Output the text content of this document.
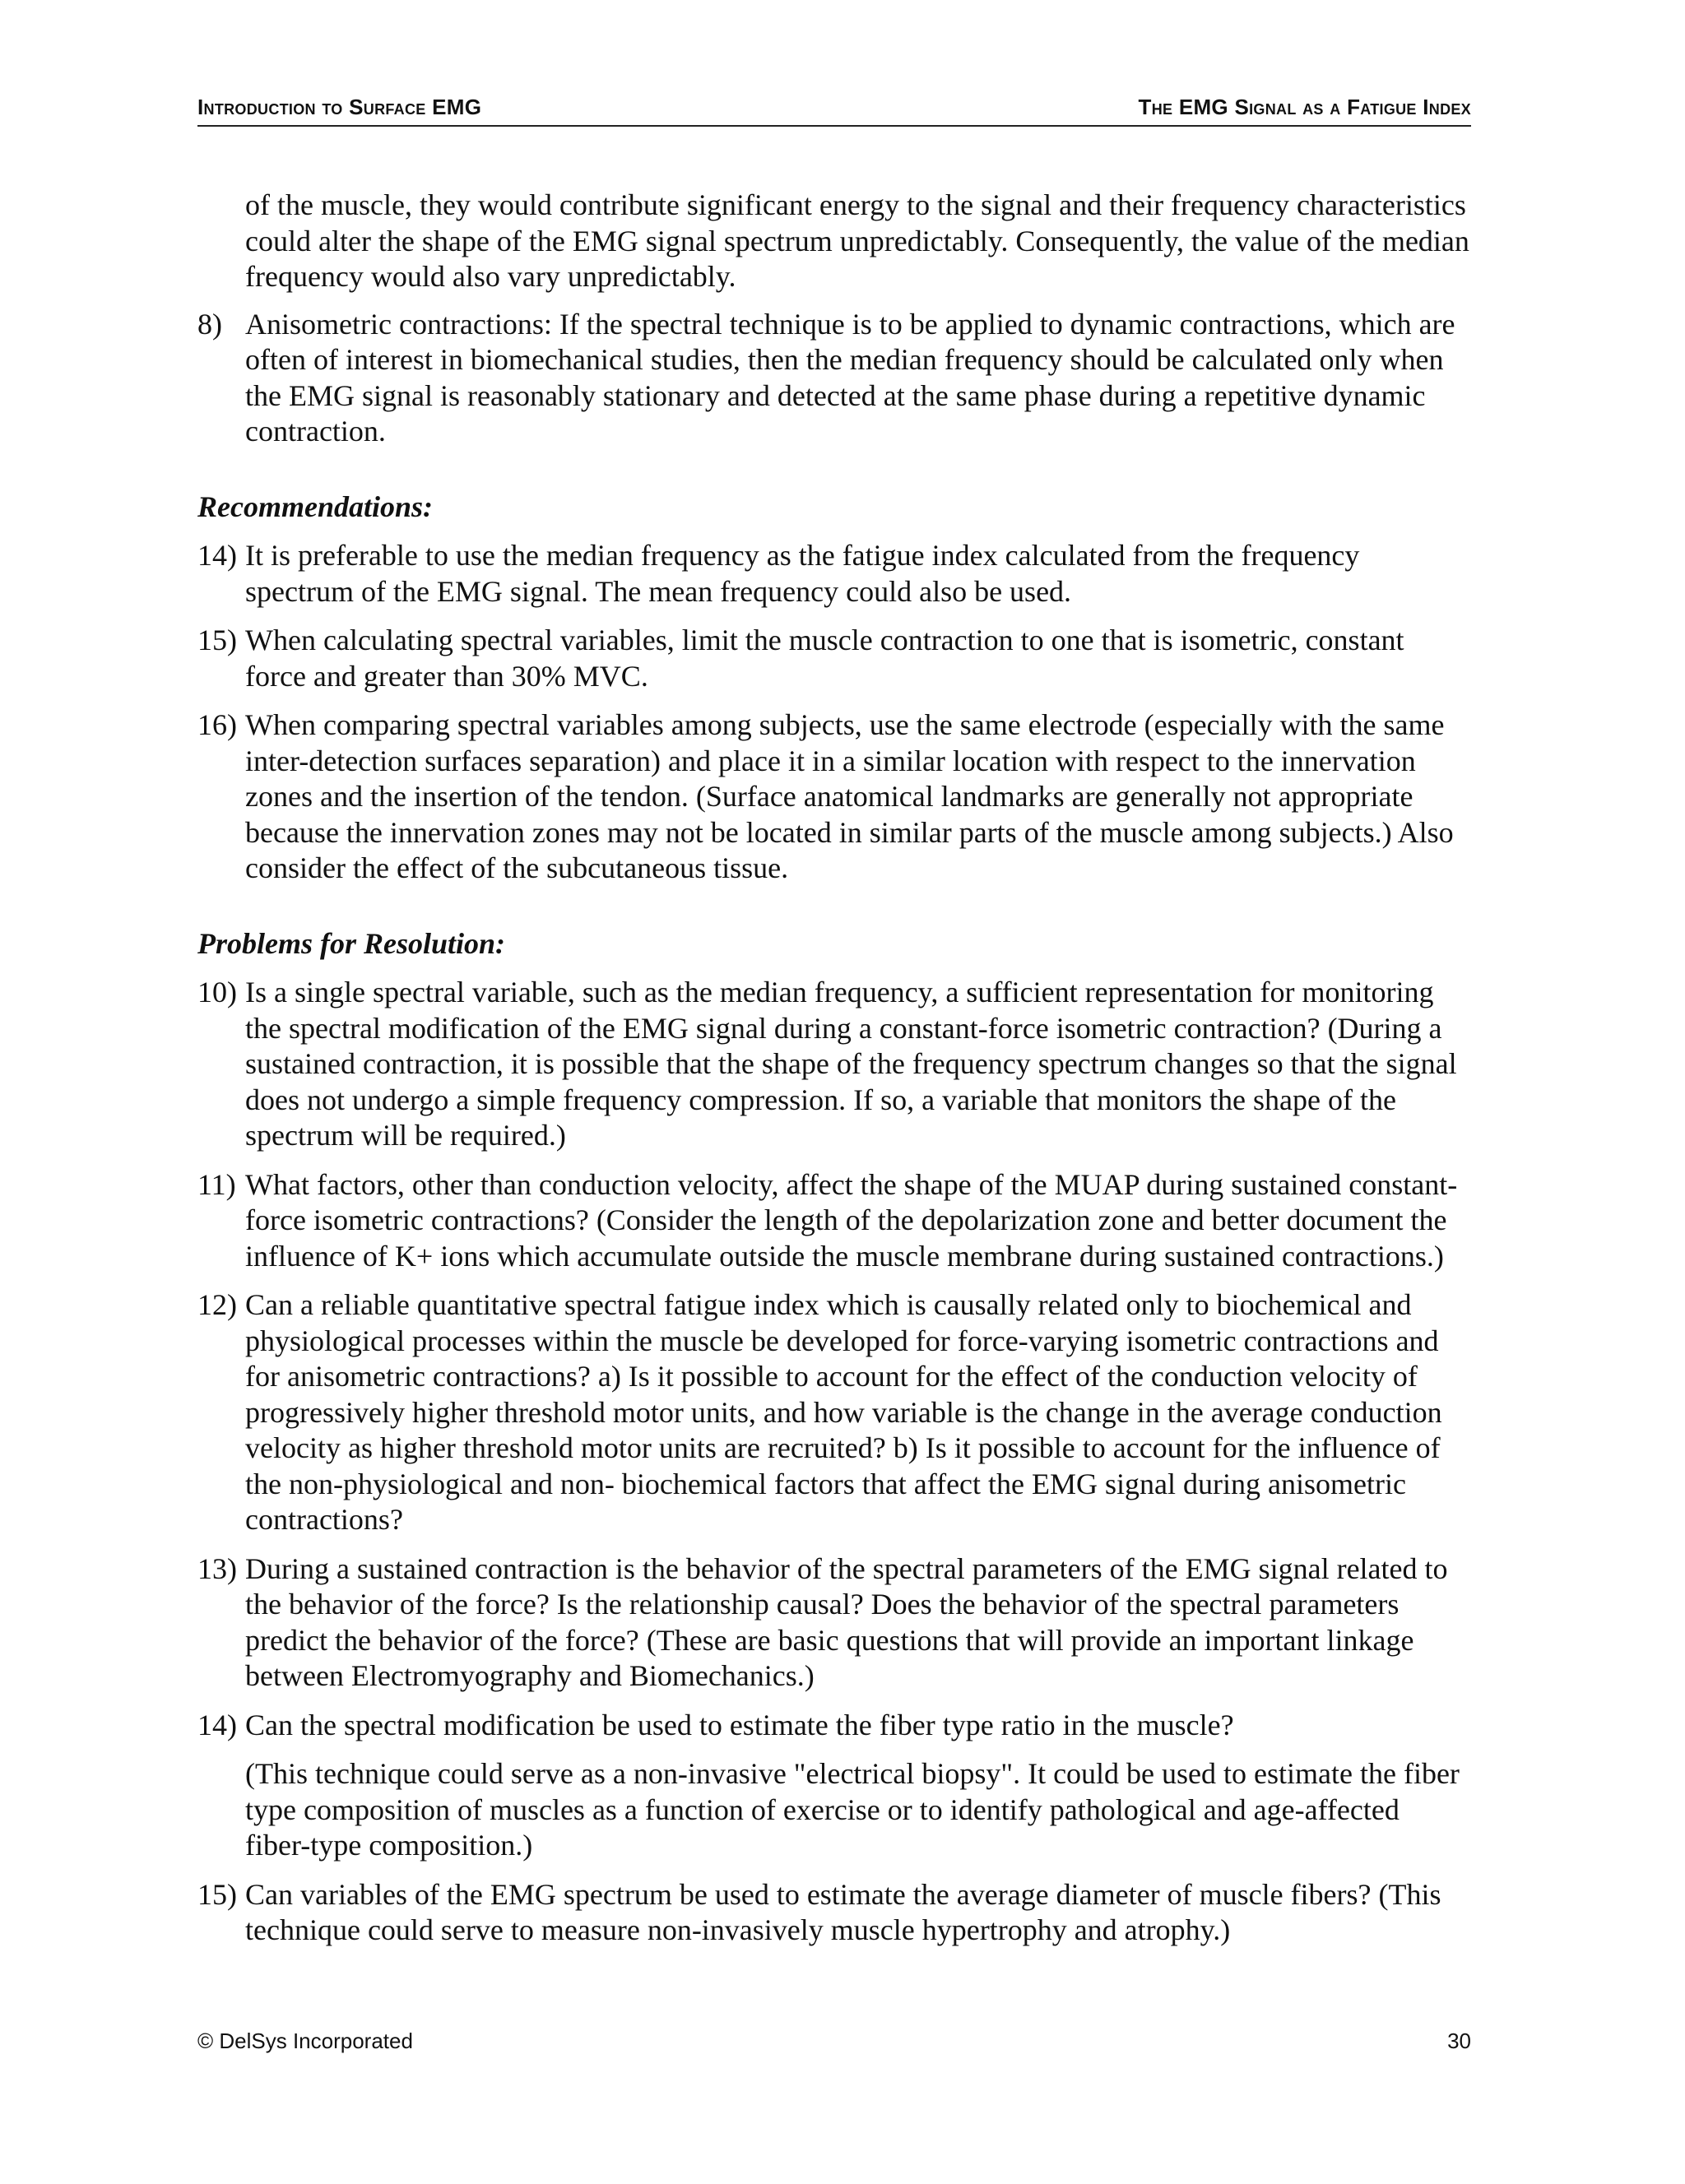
Introduction to Surface EMG	The EMG Signal as a Fatigue Index

of the muscle, they would contribute significant energy to the signal and their frequency characteristics could alter the shape of the EMG signal spectrum unpredictably. Consequently, the value of the median frequency would also vary unpredictably.

8) Anisometric contractions: If the spectral technique is to be applied to dynamic contractions, which are often of interest in biomechanical studies, then the median frequency should be calculated only when the EMG signal is reasonably stationary and detected at the same phase during a repetitive dynamic contraction.
Recommendations:
14) It is preferable to use the median frequency as the fatigue index calculated from the frequency spectrum of the EMG signal. The mean frequency could also be used.
15) When calculating spectral variables, limit the muscle contraction to one that is isometric, constant force and greater than 30% MVC.
16) When comparing spectral variables among subjects, use the same electrode (especially with the same inter-detection surfaces separation) and place it in a similar location with respect to the innervation zones and the insertion of the tendon. (Surface anatomical landmarks are generally not appropriate because the innervation zones may not be located in similar parts of the muscle among subjects.) Also consider the effect of the subcutaneous tissue.
Problems for Resolution:
10) Is a single spectral variable, such as the median frequency, a sufficient representation for monitoring the spectral modification of the EMG signal during a constant-force isometric contraction? (During a sustained contraction, it is possible that the shape of the frequency spectrum changes so that the signal does not undergo a simple frequency compression. If so, a variable that monitors the shape of the spectrum will be required.)
11) What factors, other than conduction velocity, affect the shape of the MUAP during sustained constant-force isometric contractions? (Consider the length of the depolarization zone and better document the influence of K+ ions which accumulate outside the muscle membrane during sustained contractions.)
12) Can a reliable quantitative spectral fatigue index which is causally related only to biochemical and physiological processes within the muscle be developed for force-varying isometric contractions and for anisometric contractions? a) Is it possible to account for the effect of the conduction velocity of progressively higher threshold motor units, and how variable is the change in the average conduction velocity as higher threshold motor units are recruited? b) Is it possible to account for the influence of the non-physiological and non- biochemical factors that affect the EMG signal during anisometric contractions?
13) During a sustained contraction is the behavior of the spectral parameters of the EMG signal related to the behavior of the force? Is the relationship causal? Does the behavior of the spectral parameters predict the behavior of the force? (These are basic questions that will provide an important linkage between Electromyography and Biomechanics.)
14) Can the spectral modification be used to estimate the fiber type ratio in the muscle?
(This technique could serve as a non-invasive "electrical biopsy". It could be used to estimate the fiber type composition of muscles as a function of exercise or to identify pathological and age-affected fiber-type composition.)
15) Can variables of the EMG spectrum be used to estimate the average diameter of muscle fibers? (This technique could serve to measure non-invasively muscle hypertrophy and atrophy.)
© DelSys Incorporated	30
